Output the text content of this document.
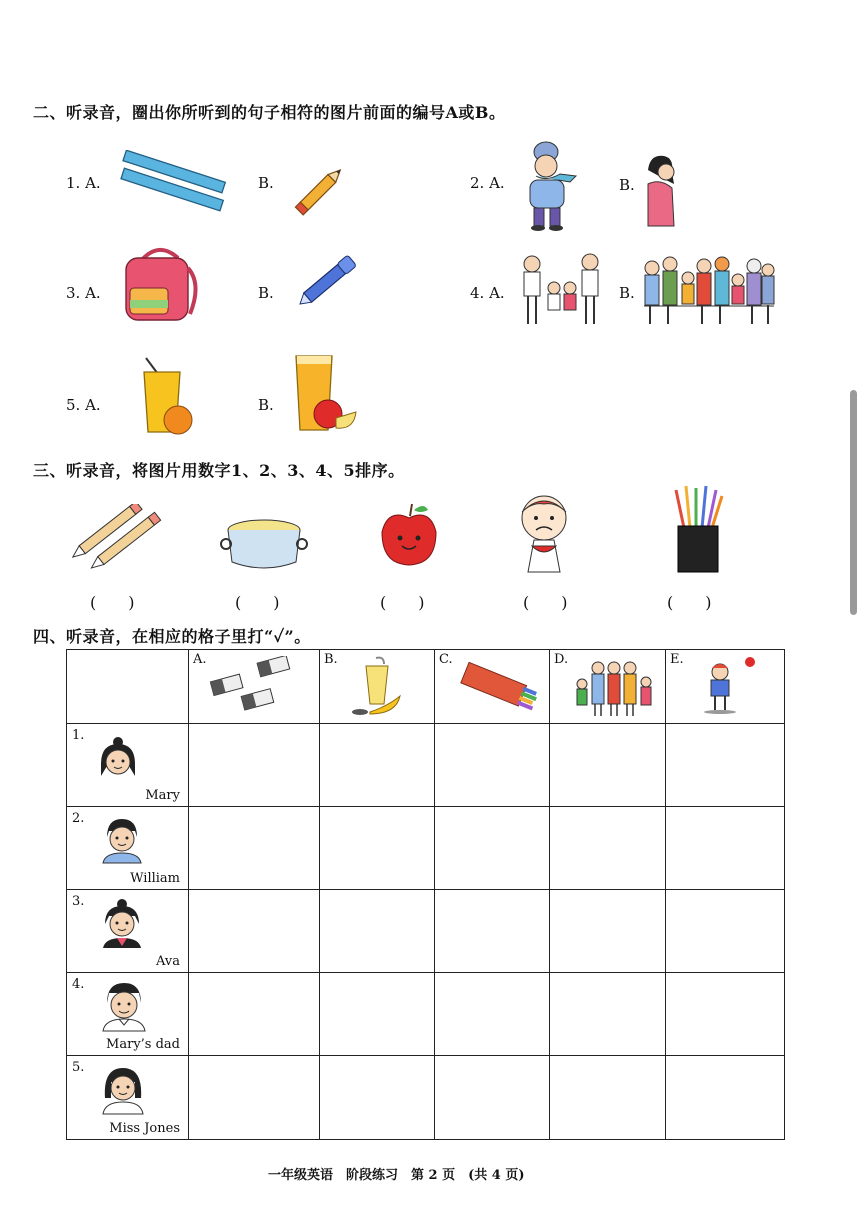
二、听录音，圈出你所听到的句子相符的图片前面的编号A或B。
1. A.	B.	2. A.	B.
3. A.	B.	4. A.	B.
5. A.	B.
三、听录音，将图片用数字1、2、3、4、5排序。
(　　)	(　　)	(　　)	(　　)	(　　)
四、听录音，在相应的格子里打“✓”。

	A.	B.	C.	D.	E.

1.
Mary					

2.
William					

3.
Ava					

4.
Mary’s dad					

5.
Miss Jones					

一年级英语　阶段练习　第 2 页　(共 4 页)
